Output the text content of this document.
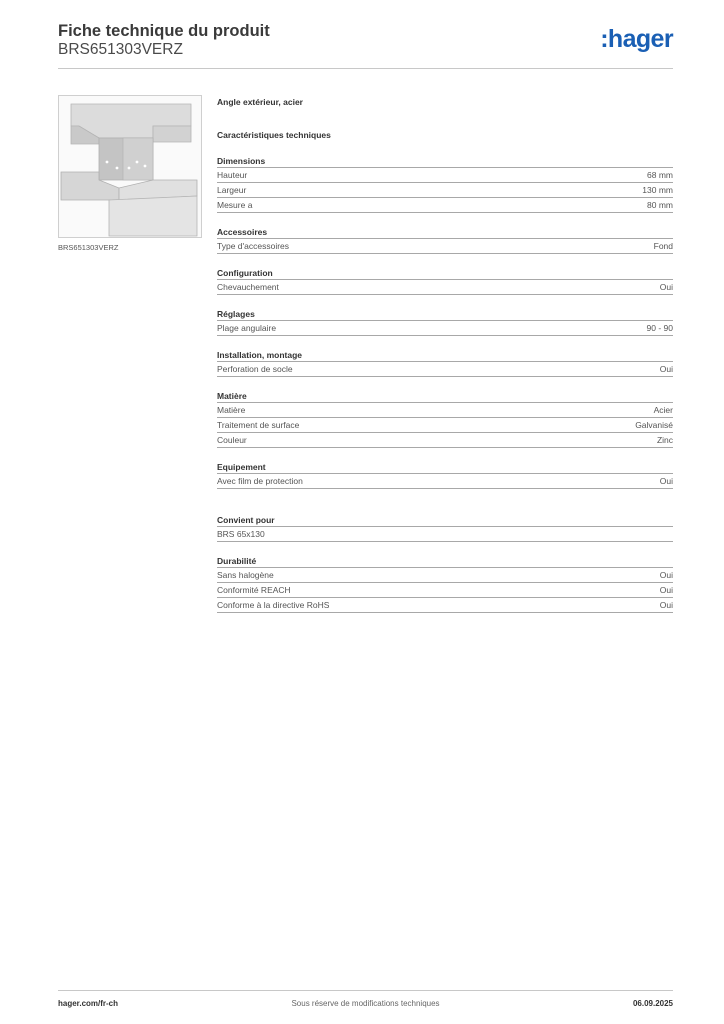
Fiche technique du produit
BRS651303VERZ	:hager
BRS651303VERZ
Angle extérieur, acier
Caractéristiques techniques
Dimensions
Hauteur	68 mm
Largeur	130 mm
Mesure a	80 mm
Accessoires
Type d'accessoires	Fond
Configuration
Chevauchement	Oui
Réglages
Plage angulaire	90 - 90
Installation, montage
Perforation de socle	Oui
Matière
Matière	Acier
Traitement de surface	Galvanisé
Couleur	Zinc
Equipement
Avec film de protection	Oui
Convient pour
BRS 65x130
Durabilité
Sans halogène	Oui
Conformité REACH	Oui
Conforme à la directive RoHS	Oui
hager.com/fr-ch	Sous réserve de modifications techniques	06.09.2025
